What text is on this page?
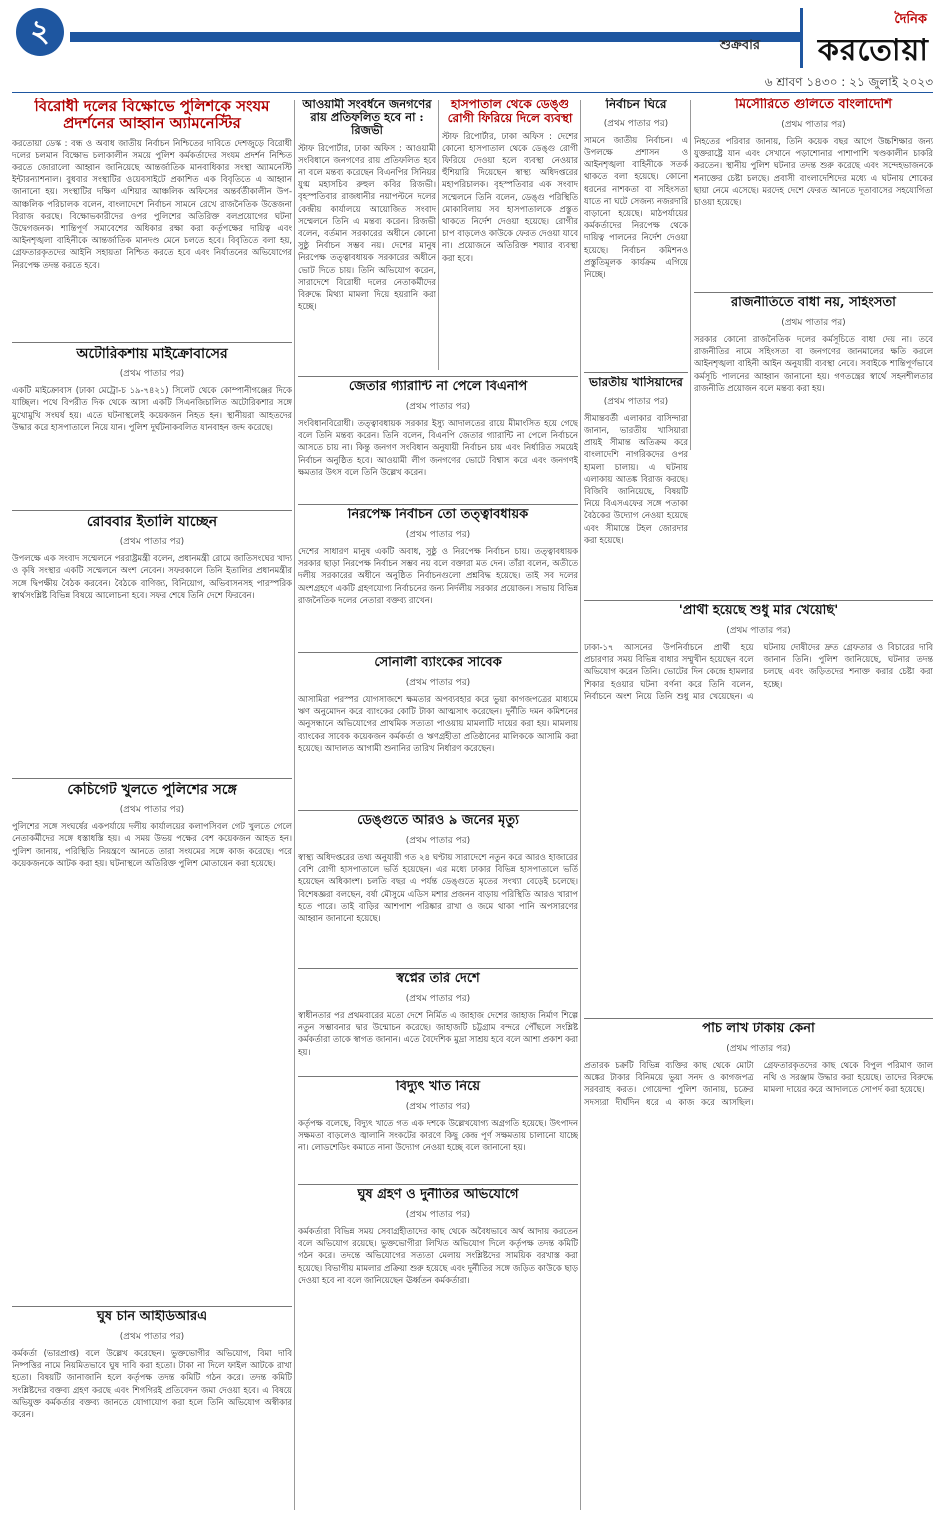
২	শুক্রবার
দৈনিক
করতোয়া
৬ শ্রাবণ ১৪৩০ : ২১ জুলাই ২০২৩
বিরোধী দলের বিক্ষোভে পুলিশকে সংযম প্রদর্শনের আহ্বান অ্যামনেস্টির

করতোয়া ডেস্ক : বন্ধ ও অবাধ জাতীয় নির্বাচন নিশ্চিতের দাবিতে দেশজুড়ে বিরোধী দলের চলমান বিক্ষোভ চলাকালীন সময়ে পুলিশ কর্মকর্তাদের সংযম প্রদর্শন নিশ্চিত করতে জোরালো আহ্বান জানিয়েছে আন্তর্জাতিক মানবাধিকার সংস্থা অ্যামনেস্টি ইন্টারন্যাশনাল। বুধবার সংস্থাটির ওয়েবসাইটে প্রকাশিত এক বিবৃতিতে এ আহ্বান জানানো হয়। সংস্থাটির দক্ষিণ এশিয়ার আঞ্চলিক অফিসের অন্তর্বর্তীকালীন উপ-আঞ্চলিক পরিচালক বলেন, বাংলাদেশে নির্বাচন সামনে রেখে রাজনৈতিক উত্তেজনা বিরাজ করছে। বিক্ষোভকারীদের ওপর পুলিশের অতিরিক্ত বলপ্রয়োগের ঘটনা উদ্বেগজনক। শান্তিপূর্ণ সমাবেশের অধিকার রক্ষা করা কর্তৃপক্ষের দায়িত্ব এবং আইনশৃঙ্খলা বাহিনীকে আন্তর্জাতিক মানদণ্ড মেনে চলতে হবে। বিবৃতিতে বলা হয়, গ্রেফতারকৃতদের আইনি সহায়তা নিশ্চিত করতে হবে এবং নির্যাতনের অভিযোগের নিরপেক্ষ তদন্ত করতে হবে।

অটোরিকশায় মাইক্রোবাসের

(প্রথম পাতার পর)

একটি মাইক্রোবাস (ঢাকা মেট্রো-চ ১৯-৭৪২১) সিলেট থেকে কোম্পানীগঞ্জের দিকে যাচ্ছিল। পথে বিপরীত দিক থেকে আসা একটি সিএনজিচালিত অটোরিকশার সঙ্গে মুখোমুখি সংঘর্ষ হয়। এতে ঘটনাস্থলেই কয়েকজন নিহত হন। স্থানীয়রা আহতদের উদ্ধার করে হাসপাতালে নিয়ে যান। পুলিশ দুর্ঘটনাকবলিত যানবাহন জব্দ করেছে।

রোববার ইতালি যাচ্ছেন

(প্রথম পাতার পর)

উপলক্ষে এক সংবাদ সম্মেলনে পররাষ্ট্রমন্ত্রী বলেন, প্রধানমন্ত্রী রোমে জাতিসংঘের খাদ্য ও কৃষি সংস্থার একটি সম্মেলনে অংশ নেবেন। সফরকালে তিনি ইতালির প্রধানমন্ত্রীর সঙ্গে দ্বিপক্ষীয় বৈঠক করবেন। বৈঠকে বাণিজ্য, বিনিয়োগ, অভিবাসনসহ পারস্পরিক স্বার্থসংশ্লিষ্ট বিভিন্ন বিষয়ে আলোচনা হবে। সফর শেষে তিনি দেশে ফিরবেন।

কেচিগেট খুলতে পুলিশের সঙ্গে

(প্রথম পাতার পর)

পুলিশের সঙ্গে সংঘর্ষের একপর্যায়ে দলীয় কার্যালয়ের কলাপসিবল গেট খুলতে গেলে নেতাকর্মীদের সঙ্গে ধস্তাধস্তি হয়। এ সময় উভয় পক্ষের বেশ কয়েকজন আহত হন। পুলিশ জানায়, পরিস্থিতি নিয়ন্ত্রণে আনতে তারা সংযমের সঙ্গে কাজ করেছে। পরে কয়েকজনকে আটক করা হয়। ঘটনাস্থলে অতিরিক্ত পুলিশ মোতায়েন করা হয়েছে।

আওয়ামী সংবর্ধনে জনগণের রায় প্রতিফলিত হবে না : রিজভী

স্টাফ রিপোর্টার, ঢাকা অফিস : আওয়ামী সংবিধানে জনগণের রায় প্রতিফলিত হবে না বলে মন্তব্য করেছেন বিএনপির সিনিয়র যুগ্ম মহাসচিব রুহুল কবির রিজভী। বৃহস্পতিবার রাজধানীর নয়াপল্টনে দলের কেন্দ্রীয় কার্যালয়ে আয়োজিত সংবাদ সম্মেলনে তিনি এ মন্তব্য করেন। রিজভী বলেন, বর্তমান সরকারের অধীনে কোনো সুষ্ঠু নির্বাচন সম্ভব নয়। দেশের মানুষ নিরপেক্ষ তত্ত্বাবধায়ক সরকারের অধীনে ভোট দিতে চায়। তিনি অভিযোগ করেন, সারাদেশে বিরোধী দলের নেতাকর্মীদের বিরুদ্ধে মিথ্যা মামলা দিয়ে হয়রানি করা হচ্ছে।

হাসপাতাল থেকে ডেঙ্গু রোগী ফিরিয়ে দিলে ব্যবস্থা

স্টাফ রিপোর্টার, ঢাকা অফিস : দেশের কোনো হাসপাতাল থেকে ডেঙ্গু রোগী ফিরিয়ে দেওয়া হলে ব্যবস্থা নেওয়ার হুঁশিয়ারি দিয়েছেন স্বাস্থ্য অধিদপ্তরের মহাপরিচালক। বৃহস্পতিবার এক সংবাদ সম্মেলনে তিনি বলেন, ডেঙ্গু পরিস্থিতি মোকাবিলায় সব হাসপাতালকে প্রস্তুত থাকতে নির্দেশ দেওয়া হয়েছে। রোগীর চাপ বাড়লেও কাউকে ফেরত দেওয়া যাবে না। প্রয়োজনে অতিরিক্ত শয্যার ব্যবস্থা করা হবে।

জেতার গ্যারান্টি না পেলে বিএনপি

(প্রথম পাতার পর)

সংবিধানবিরোধী। তত্ত্বাবধায়ক সরকার ইস্যু আদালতের রায়ে মীমাংসিত হয়ে গেছে বলে তিনি মন্তব্য করেন। তিনি বলেন, বিএনপি জেতার গ্যারান্টি না পেলে নির্বাচনে আসতে চায় না। কিন্তু জনগণ সংবিধান অনুযায়ী নির্বাচন চায় এবং নির্ধারিত সময়েই নির্বাচন অনুষ্ঠিত হবে। আওয়ামী লীগ জনগণের ভোটে বিশ্বাস করে এবং জনগণই ক্ষমতার উৎস বলে তিনি উল্লেখ করেন।

নিরপেক্ষ নির্বাচন তো তত্ত্বাবধায়ক

(প্রথম পাতার পর)

দেশের সাধারণ মানুষ একটি অবাধ, সুষ্ঠু ও নিরপেক্ষ নির্বাচন চায়। তত্ত্বাবধায়ক সরকার ছাড়া নিরপেক্ষ নির্বাচন সম্ভব নয় বলে বক্তারা মত দেন। তাঁরা বলেন, অতীতে দলীয় সরকারের অধীনে অনুষ্ঠিত নির্বাচনগুলো প্রশ্নবিদ্ধ হয়েছে। তাই সব দলের অংশগ্রহণে একটি গ্রহণযোগ্য নির্বাচনের জন্য নির্দলীয় সরকার প্রয়োজন। সভায় বিভিন্ন রাজনৈতিক দলের নেতারা বক্তব্য রাখেন।

সোনালী ব্যাংকের সাবেক

(প্রথম পাতার পর)

আসামিরা পরস্পর যোগসাজশে ক্ষমতার অপব্যবহার করে ভুয়া কাগজপত্রের মাধ্যমে ঋণ অনুমোদন করে ব্যাংকের কোটি টাকা আত্মসাৎ করেছেন। দুর্নীতি দমন কমিশনের অনুসন্ধানে অভিযোগের প্রাথমিক সত্যতা পাওয়ায় মামলাটি দায়ের করা হয়। মামলায় ব্যাংকের সাবেক কয়েকজন কর্মকর্তা ও ঋণগ্রহীতা প্রতিষ্ঠানের মালিককে আসামি করা হয়েছে। আদালত আগামী শুনানির তারিখ নির্ধারণ করেছেন।

ডেঙ্গুতে আরও ৯ জনের মৃত্যু

(প্রথম পাতার পর)

স্বাস্থ্য অধিদপ্তরের তথ্য অনুযায়ী গত ২৪ ঘণ্টায় সারাদেশে নতুন করে আরও হাজারের বেশি রোগী হাসপাতালে ভর্তি হয়েছেন। এর মধ্যে ঢাকার বিভিন্ন হাসপাতালে ভর্তি হয়েছেন অধিকাংশ। চলতি বছর এ পর্যন্ত ডেঙ্গুতে মৃতের সংখ্যা বেড়েই চলেছে। বিশেষজ্ঞরা বলছেন, বর্ষা মৌসুমে এডিস মশার প্রজনন বাড়ায় পরিস্থিতি আরও খারাপ হতে পারে। তাই বাড়ির আশপাশ পরিষ্কার রাখা ও জমে থাকা পানি অপসারণের আহ্বান জানানো হয়েছে।

স্বপ্নের তরি দেশে

(প্রথম পাতার পর)

স্বাধীনতার পর প্রথমবারের মতো দেশে নির্মিত এ জাহাজ দেশের জাহাজ নির্মাণ শিল্পে নতুন সম্ভাবনার দ্বার উন্মোচন করেছে। জাহাজটি চট্টগ্রাম বন্দরে পৌঁছলে সংশ্লিষ্ট কর্মকর্তারা তাকে স্বাগত জানান। এতে বৈদেশিক মুদ্রা সাশ্রয় হবে বলে আশা প্রকাশ করা হয়।

বিদ্যুৎ খাত নিয়ে

(প্রথম পাতার পর)

কর্তৃপক্ষ বলেছে, বিদ্যুৎ খাতে গত এক দশকে উল্লেখযোগ্য অগ্রগতি হয়েছে। উৎপাদন সক্ষমতা বাড়লেও জ্বালানি সংকটের কারণে কিছু কেন্দ্র পূর্ণ সক্ষমতায় চালানো যাচ্ছে না। লোডশেডিং কমাতে নানা উদ্যোগ নেওয়া হচ্ছে বলে জানানো হয়।

ঘুষ গ্রহণ ও দুর্নীতির অভিযোগে

(প্রথম পাতার পর)

কর্মকর্তারা বিভিন্ন সময় সেবাগ্রহীতাদের কাছ থেকে অবৈধভাবে অর্থ আদায় করতেন বলে অভিযোগ রয়েছে। ভুক্তভোগীরা লিখিত অভিযোগ দিলে কর্তৃপক্ষ তদন্ত কমিটি গঠন করে। তদন্তে অভিযোগের সত্যতা মেলায় সংশ্লিষ্টদের সাময়িক বরখাস্ত করা হয়েছে। বিভাগীয় মামলার প্রক্রিয়া শুরু হয়েছে এবং দুর্নীতির সঙ্গে জড়িত কাউকে ছাড় দেওয়া হবে না বলে জানিয়েছেন ঊর্ধ্বতন কর্মকর্তারা।

ঘুষ চান আইডিআরএ

(প্রথম পাতার পর)

কর্মকর্তা (ভারপ্রাপ্ত) বলে উল্লেখ করেছেন। ভুক্তভোগীর অভিযোগ, বিমা দাবি নিষ্পত্তির নামে নিয়মিতভাবে ঘুষ দাবি করা হতো। টাকা না দিলে ফাইল আটকে রাখা হতো। বিষয়টি জানাজানি হলে কর্তৃপক্ষ তদন্ত কমিটি গঠন করে। তদন্ত কমিটি সংশ্লিষ্টদের বক্তব্য গ্রহণ করছে এবং শিগগিরই প্রতিবেদন জমা দেওয়া হবে। এ বিষয়ে অভিযুক্ত কর্মকর্তার বক্তব্য জানতে যোগাযোগ করা হলে তিনি অভিযোগ অস্বীকার করেন।

নির্বাচন ঘিরে

(প্রথম পাতার পর)

সামনে জাতীয় নির্বাচন। এ উপলক্ষে প্রশাসন ও আইনশৃঙ্খলা বাহিনীকে সতর্ক থাকতে বলা হয়েছে। কোনো ধরনের নাশকতা বা সহিংসতা যাতে না ঘটে সেজন্য নজরদারি বাড়ানো হয়েছে। মাঠপর্যায়ের কর্মকর্তাদের নিরপেক্ষ থেকে দায়িত্ব পালনের নির্দেশ দেওয়া হয়েছে। নির্বাচন কমিশনও প্রস্তুতিমূলক কার্যক্রম এগিয়ে নিচ্ছে।

ভারতীয় খাসিয়াদের

(প্রথম পাতার পর)

সীমান্তবর্তী এলাকার বাসিন্দারা জানান, ভারতীয় খাসিয়ারা প্রায়ই সীমান্ত অতিক্রম করে বাংলাদেশি নাগরিকদের ওপর হামলা চালায়। এ ঘটনায় এলাকায় আতঙ্ক বিরাজ করছে। বিজিবি জানিয়েছে, বিষয়টি নিয়ে বিএসএফের সঙ্গে পতাকা বৈঠকের উদ্যোগ নেওয়া হয়েছে এবং সীমান্তে টহল জোরদার করা হয়েছে।

মিসৌরিতে গুলিতে বাংলাদেশি

(প্রথম পাতার পর)

নিহতের পরিবার জানায়, তিনি কয়েক বছর আগে উচ্চশিক্ষার জন্য যুক্তরাষ্ট্রে যান এবং সেখানে পড়াশোনার পাশাপাশি খণ্ডকালীন চাকরি করতেন। স্থানীয় পুলিশ ঘটনার তদন্ত শুরু করেছে এবং সন্দেহভাজনকে শনাক্তের চেষ্টা চলছে। প্রবাসী বাংলাদেশিদের মধ্যে এ ঘটনায় শোকের ছায়া নেমে এসেছে। মরদেহ দেশে ফেরত আনতে দূতাবাসের সহযোগিতা চাওয়া হয়েছে।

রাজনীতিতে বাধা নয়, সহিংসতা

(প্রথম পাতার পর)

সরকার কোনো রাজনৈতিক দলের কর্মসূচিতে বাধা দেয় না। তবে রাজনীতির নামে সহিংসতা বা জনগণের জানমালের ক্ষতি করলে আইনশৃঙ্খলা বাহিনী আইন অনুযায়ী ব্যবস্থা নেবে। সবাইকে শান্তিপূর্ণভাবে কর্মসূচি পালনের আহ্বান জানানো হয়। গণতন্ত্রের স্বার্থে সহনশীলতার রাজনীতি প্রয়োজন বলে মন্তব্য করা হয়।

'প্রার্থী হয়েছে শুধু মার খেয়েছি'

(প্রথম পাতার পর)

ঢাকা-১৭ আসনের উপনির্বাচনে প্রার্থী হয়ে প্রচারণার সময় বিভিন্ন বাধার সম্মুখীন হয়েছেন বলে অভিযোগ করেন তিনি। ভোটের দিন কেন্দ্রে হামলার শিকার হওয়ার ঘটনা বর্ণনা করে তিনি বলেন, নির্বাচনে অংশ নিয়ে তিনি শুধু মার খেয়েছেন। এ ঘটনায় দোষীদের দ্রুত গ্রেফতার ও বিচারের দাবি জানান তিনি। পুলিশ জানিয়েছে, ঘটনার তদন্ত চলছে এবং জড়িতদের শনাক্ত করার চেষ্টা করা হচ্ছে।

পাঁচ লাখ টাকায় কেনা

(প্রথম পাতার পর)

প্রতারক চক্রটি বিভিন্ন ব্যক্তির কাছ থেকে মোটা অঙ্কের টাকার বিনিময়ে ভুয়া সনদ ও কাগজপত্র সরবরাহ করত। গোয়েন্দা পুলিশ জানায়, চক্রের সদস্যরা দীর্ঘদিন ধরে এ কাজ করে আসছিল। গ্রেফতারকৃতদের কাছ থেকে বিপুল পরিমাণ জাল নথি ও সরঞ্জাম উদ্ধার করা হয়েছে। তাদের বিরুদ্ধে মামলা দায়ের করে আদালতে সোপর্দ করা হয়েছে।
